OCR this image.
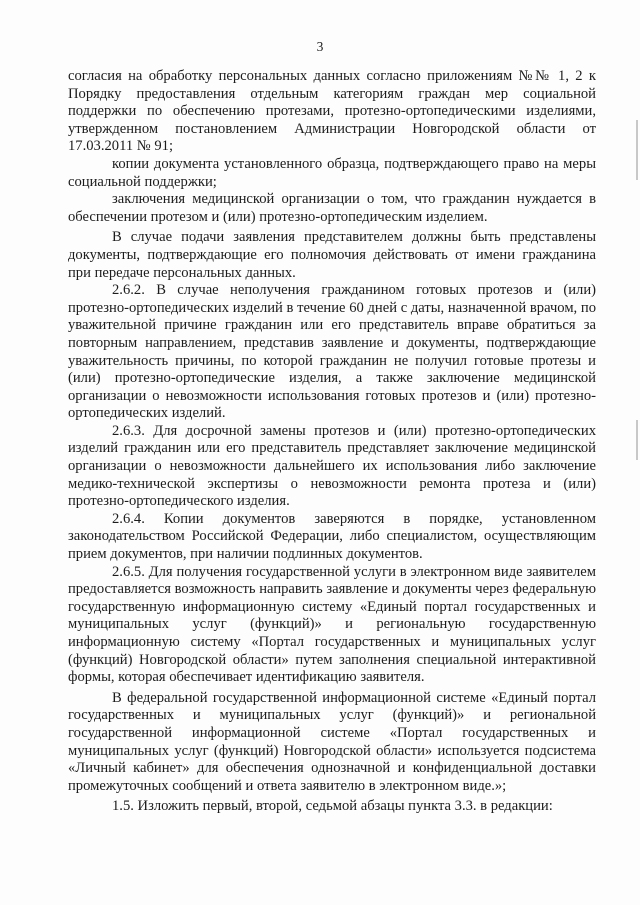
3

согласия на обработку персональных данных согласно приложениям №№ 1, 2 к Порядку предоставления отдельным категориям граждан мер социальной поддержки по обеспечению протезами, протезно-ортопедическими изделиями, утвержденном постановлением Администрации Новгородской области от 17.03.2011 № 91;

копии документа установленного образца, подтверждающего право на меры социальной поддержки;

заключения медицинской организации о том, что гражданин нуждается в обеспечении протезом и (или) протезно-ортопедическим изделием.

В случае подачи заявления представителем должны быть представлены документы, подтверждающие его полномочия действовать от имени гражданина при передаче персональных данных.

2.6.2. В случае неполучения гражданином готовых протезов и (или) протезно-ортопедических изделий в течение 60 дней с даты, назначенной врачом, по уважительной причине гражданин или его представитель вправе обратиться за повторным направлением, представив заявление и документы, подтверждающие уважительность причины, по которой гражданин не получил готовые протезы и (или) протезно-ортопедические изделия, а также заключение медицинской организации о невозможности использования готовых протезов и (или) протезно-ортопедических изделий.

2.6.3. Для досрочной замены протезов и (или) протезно-ортопедических изделий гражданин или его представитель представляет заключение медицинской организации о невозможности дальнейшего их использования либо заключение медико-технической экспертизы о невозможности ремонта протеза и (или) протезно-ортопедического изделия.

2.6.4. Копии документов заверяются в порядке, установленном законодательством Российской Федерации, либо специалистом, осуществляющим прием документов, при наличии подлинных документов.

2.6.5. Для получения государственной услуги в электронном виде заявителем предоставляется возможность направить заявление и документы через федеральную государственную информационную систему «Единый портал государственных и муниципальных услуг (функций)» и региональную государственную информационную систему «Портал государственных и муниципальных услуг (функций) Новгородской области» путем заполнения специальной интерактивной формы, которая обеспечивает идентификацию заявителя.

В федеральной государственной информационной системе «Единый портал государственных и муниципальных услуг (функций)» и региональной государственной информационной системе «Портал государственных и муниципальных услуг (функций) Новгородской области» используется подсистема «Личный кабинет» для обеспечения однозначной и конфиденциальной доставки промежуточных сообщений и ответа заявителю в электронном виде.»;

1.5. Изложить первый, второй, седьмой абзацы пункта 3.3. в редакции:
